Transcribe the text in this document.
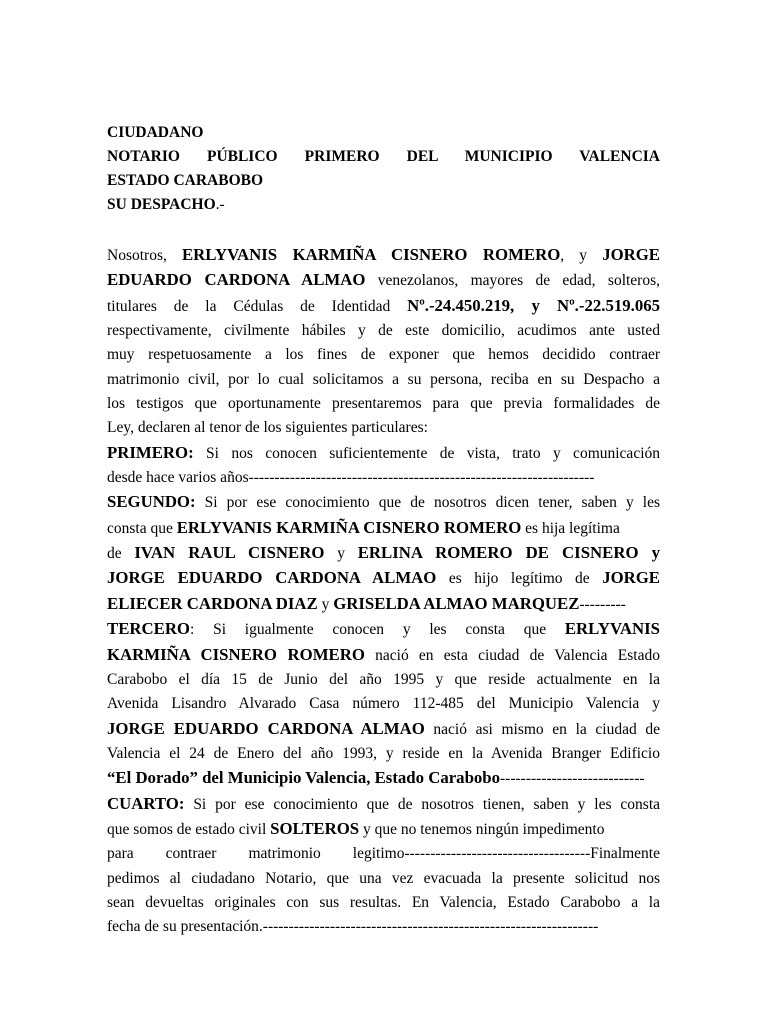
CIUDADANO
NOTARIO PÚBLICO PRIMERO DEL MUNICIPIO VALENCIA
ESTADO CARABOBO
SU DESPACHO.-
Nosotros, ERLYVANIS KARMIÑA CISNERO ROMERO, y JORGE
EDUARDO CARDONA ALMAO venezolanos, mayores de edad, solteros,
titulares de la Cédulas de Identidad Nº.-24.450.219, y Nº.-22.519.065
respectivamente, civilmente hábiles y de este domicilio, acudimos ante usted
muy respetuosamente a los fines de exponer que hemos decidido contraer
matrimonio civil, por lo cual solicitamos a su persona, reciba en su Despacho a
los testigos que oportunamente presentaremos para que previa formalidades de
Ley, declaren al tenor de los siguientes particulares:
PRIMERO: Si nos conocen suficientemente de vista, trato y comunicación
desde hace varios años-------------------------------------------------------------------
SEGUNDO: Si por ese conocimiento que de nosotros dicen tener, saben y les
consta que ERLYVANIS KARMIÑA CISNERO ROMERO es hija legítima
de IVAN RAUL CISNERO y ERLINA ROMERO DE CISNERO y
JORGE EDUARDO CARDONA ALMAO es hijo legítimo de JORGE
ELIECER CARDONA DIAZ y GRISELDA ALMAO MARQUEZ---------
TERCERO: Si igualmente conocen y les consta que ERLYVANIS
KARMIÑA CISNERO ROMERO nació en esta ciudad de Valencia Estado
Carabobo el día 15 de Junio del año 1995 y que reside actualmente en la
Avenida Lisandro Alvarado Casa número 112-485 del Municipio Valencia y
JORGE EDUARDO CARDONA ALMAO nació asi mismo en la ciudad de
Valencia el 24 de Enero del año 1993, y reside en la Avenida Branger Edificio
“El Dorado” del Municipio Valencia, Estado Carabobo----------------------------
CUARTO: Si por ese conocimiento que de nosotros tienen, saben y les consta
que somos de estado civil SOLTEROS y que no tenemos ningún impedimento
para contraer matrimonio legitimo------------------------------------Finalmente
pedimos al ciudadano Notario, que una vez evacuada la presente solicitud nos
sean devueltas originales con sus resultas. En Valencia, Estado Carabobo a la
fecha de su presentación.-----------------------------------------------------------------
